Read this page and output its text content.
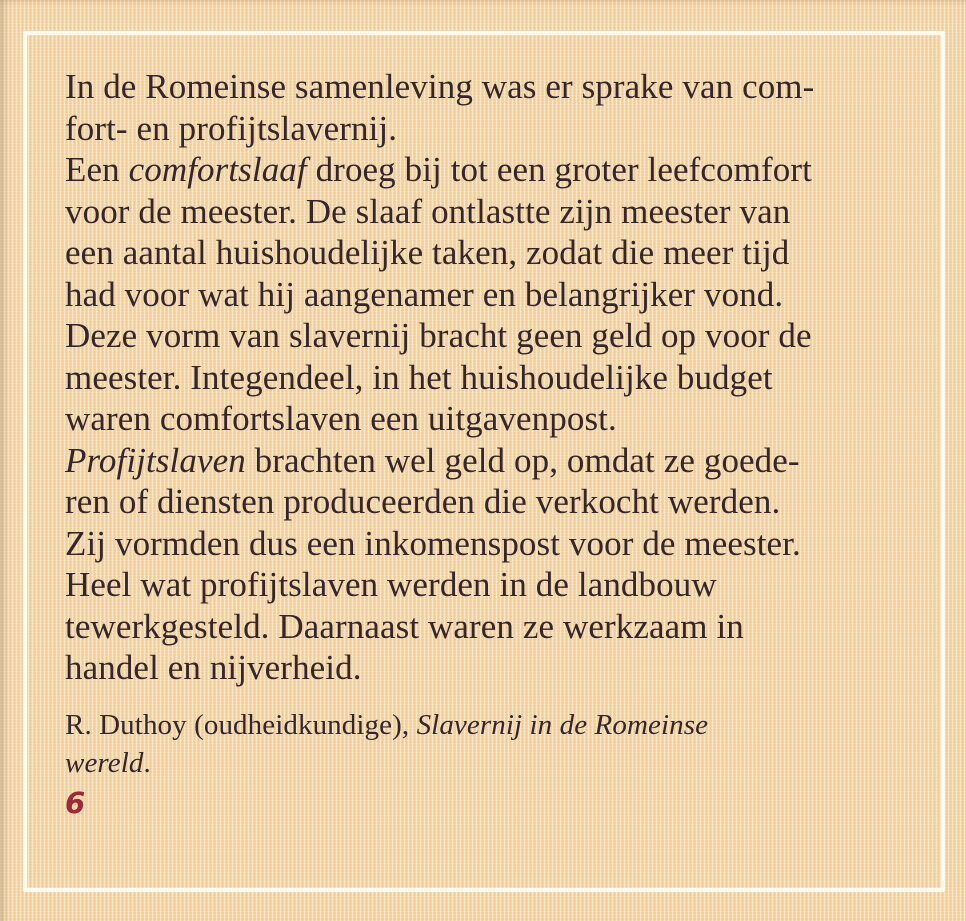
In de Romeinse samenleving was er sprake van com-
fort- en profijtslavernij.
Een comfortslaaf droeg bij tot een groter leefcomfort
voor de meester. De slaaf ontlastte zijn meester van
een aantal huishoudelijke taken, zodat die meer tijd
had voor wat hij aangenamer en belangrijker vond.
Deze vorm van slavernij bracht geen geld op voor de
meester. Integendeel, in het huishoudelijke budget
waren comfortslaven een uitgavenpost.
Profijtslaven brachten wel geld op, omdat ze goede-
ren of diensten produceerden die verkocht werden.
Zij vormden dus een inkomenspost voor de meester.
Heel wat profijtslaven werden in de landbouw
tewerkgesteld. Daarnaast waren ze werkzaam in
handel en nijverheid.
R. Duthoy (oudheidkundige), Slavernij in de Romeinse
wereld.
6
